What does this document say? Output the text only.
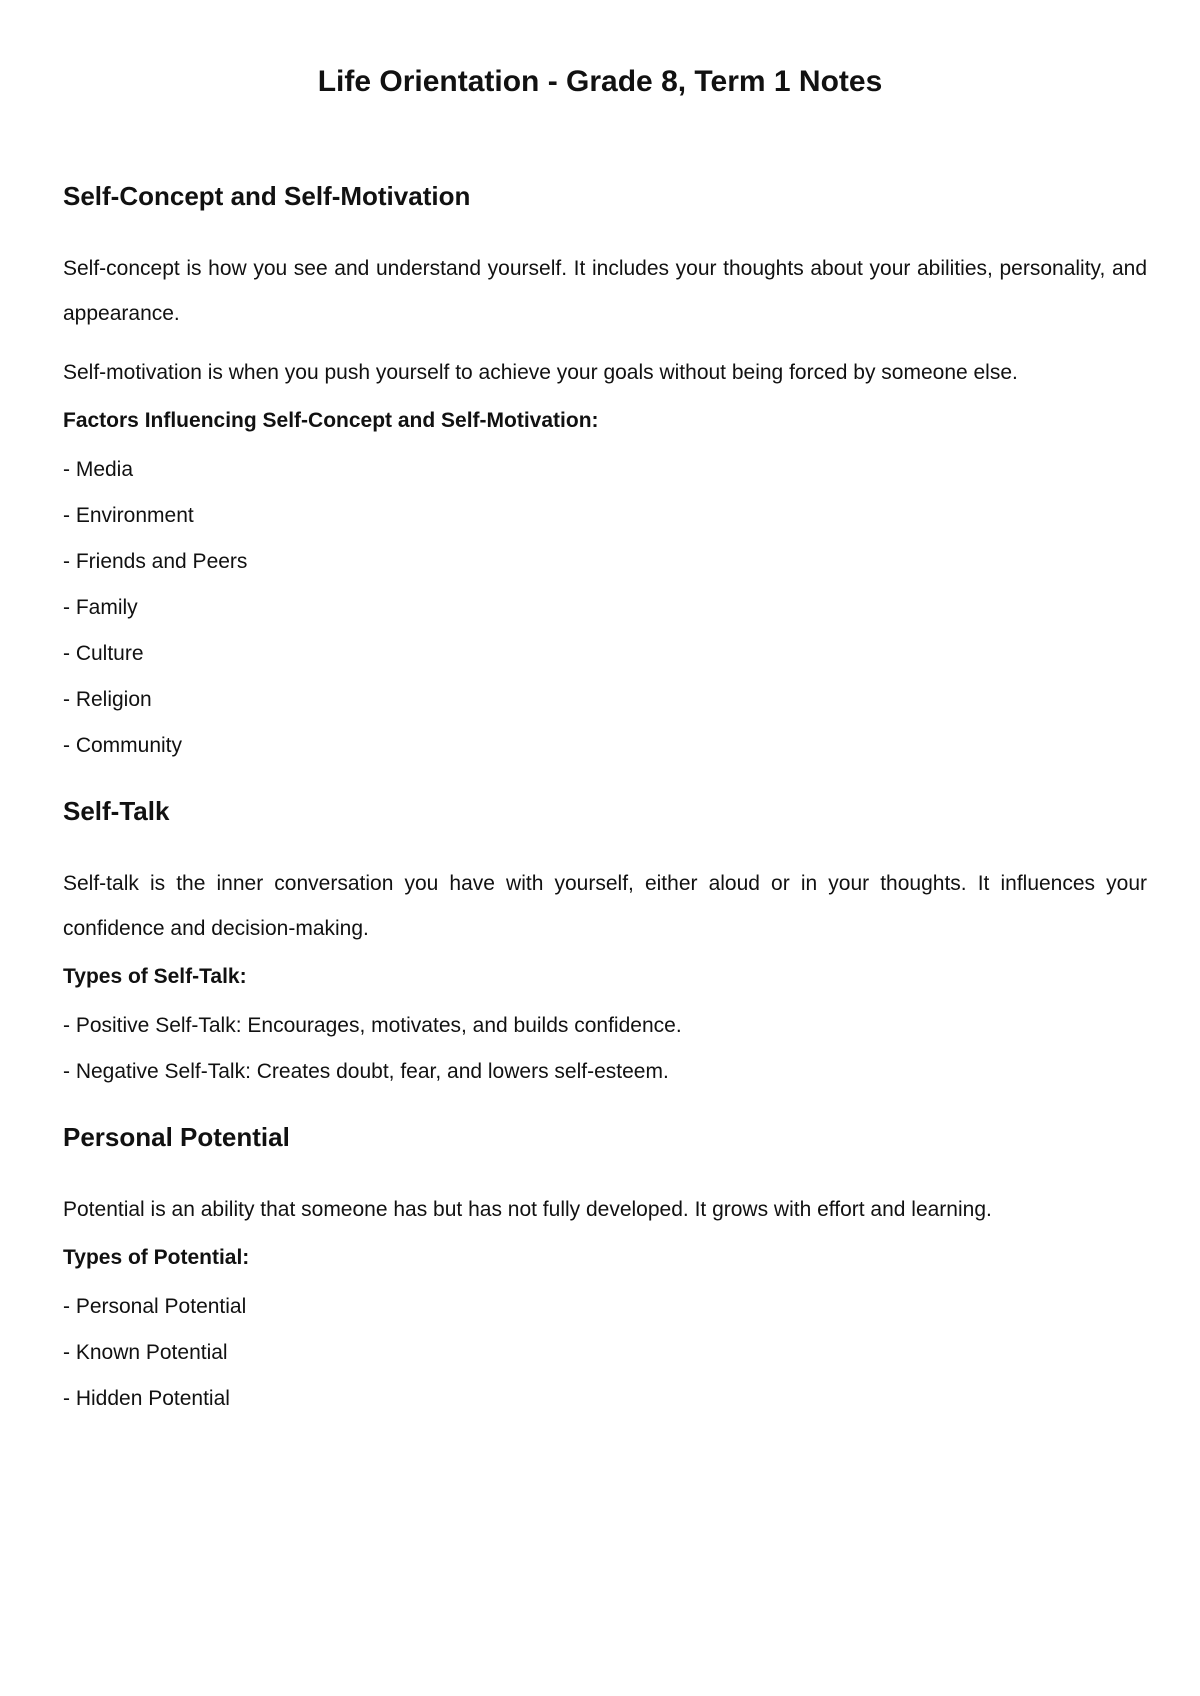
Life Orientation - Grade 8, Term 1 Notes
Self-Concept and Self-Motivation

Self-concept is how you see and understand yourself. It includes your thoughts about your abilities, personality, and appearance.

Self-motivation is when you push yourself to achieve your goals without being forced by someone else.

Factors Influencing Self-Concept and Self-Motivation:
- Media
- Environment
- Friends and Peers
- Family
- Culture
- Religion
- Community
Self-Talk

Self-talk is the inner conversation you have with yourself, either aloud or in your thoughts. It influences your confidence and decision-making.

Types of Self-Talk:
- Positive Self-Talk: Encourages, motivates, and builds confidence.
- Negative Self-Talk: Creates doubt, fear, and lowers self-esteem.
Personal Potential

Potential is an ability that someone has but has not fully developed. It grows with effort and learning.

Types of Potential:
- Personal Potential
- Known Potential
- Hidden Potential
